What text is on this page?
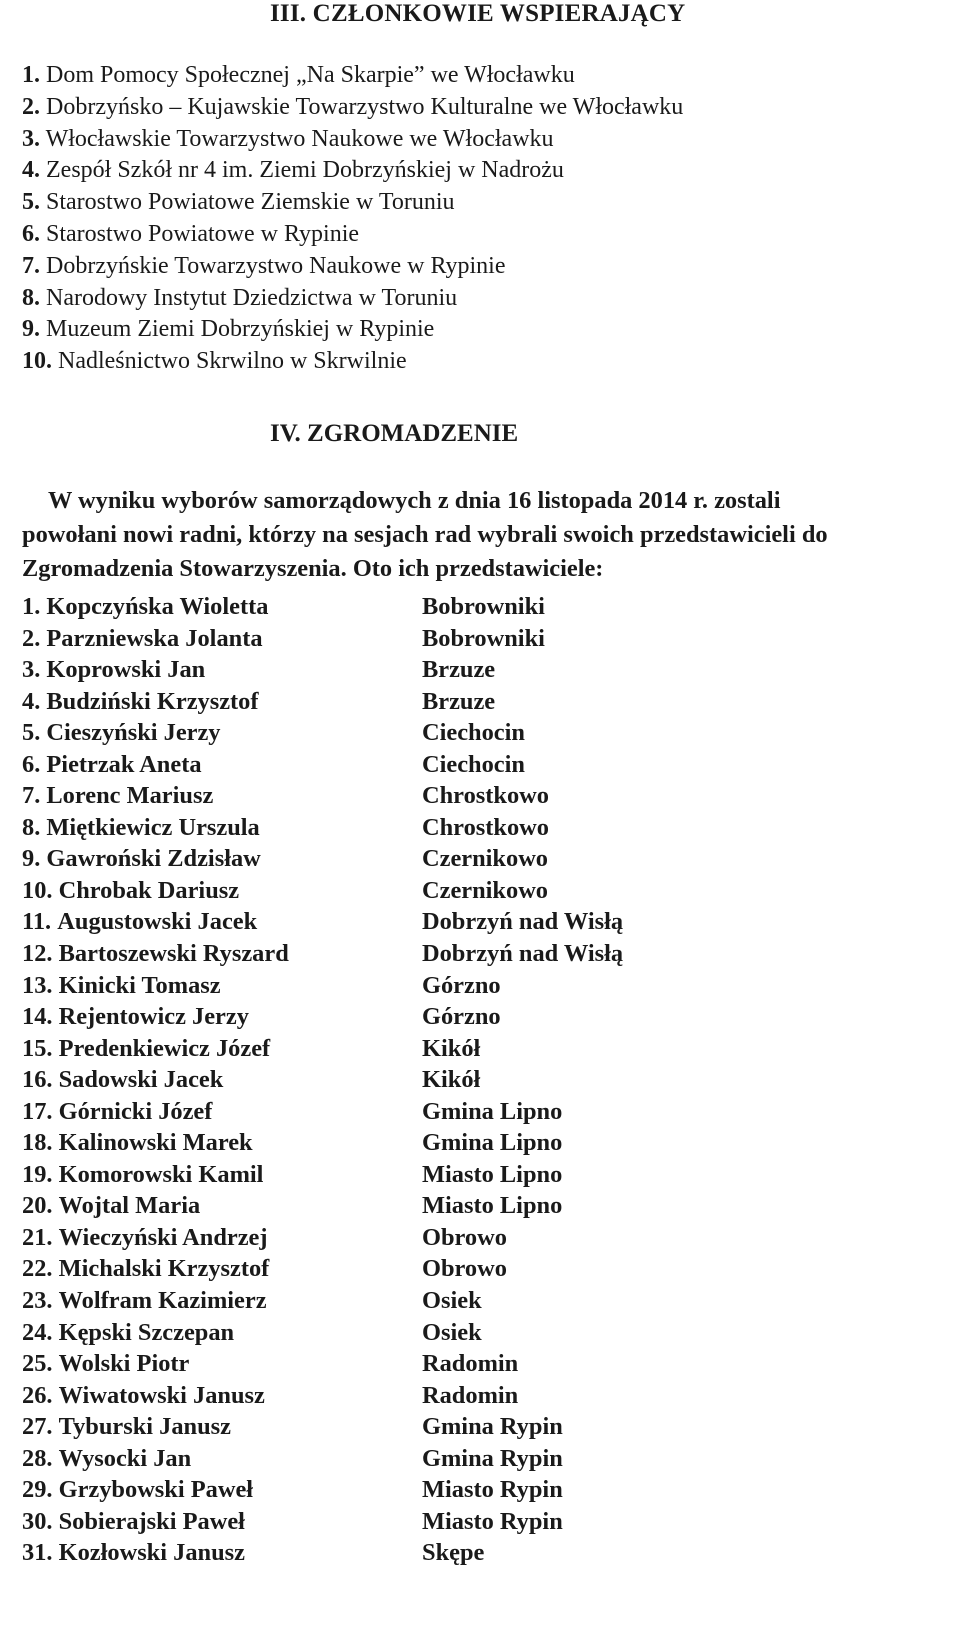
III. CZŁONKOWIE WSPIERAJĄCY
1. Dom Pomocy Społecznej „Na Skarpie” we Włocławku
2. Dobrzyńsko – Kujawskie Towarzystwo Kulturalne we Włocławku
3. Włocławskie Towarzystwo Naukowe we Włocławku
4. Zespół Szkół nr 4 im. Ziemi Dobrzyńskiej w Nadrożu
5. Starostwo Powiatowe Ziemskie w Toruniu
6. Starostwo Powiatowe w Rypinie
7. Dobrzyńskie Towarzystwo Naukowe w Rypinie
8. Narodowy Instytut Dziedzictwa w Toruniu
9. Muzeum Ziemi Dobrzyńskiej w Rypinie
10. Nadleśnictwo Skrwilno w Skrwilnie
IV. ZGROMADZENIE

W wyniku wyborów samorządowych z dnia 16 listopada 2014 r. zostali
powołani nowi radni, którzy na sesjach rad wybrali swoich przedstawicieli do
Zgromadzenia Stowarzyszenia. Oto ich przedstawiciele:

1. Kopczyńska Wioletta	Bobrowniki
2. Parzniewska Jolanta	Bobrowniki
3. Koprowski Jan	Brzuze
4. Budziński Krzysztof	Brzuze
5. Cieszyński Jerzy	Ciechocin
6. Pietrzak Aneta	Ciechocin
7. Lorenc Mariusz	Chrostkowo
8. Miętkiewicz Urszula	Chrostkowo
9. Gawroński Zdzisław	Czernikowo
10. Chrobak Dariusz	Czernikowo
11. Augustowski Jacek	Dobrzyń nad Wisłą
12. Bartoszewski Ryszard	Dobrzyń nad Wisłą
13. Kinicki Tomasz	Górzno
14. Rejentowicz Jerzy	Górzno
15. Predenkiewicz Józef	Kikół
16. Sadowski Jacek	Kikół
17. Górnicki Józef	Gmina Lipno
18. Kalinowski Marek	Gmina Lipno
19. Komorowski Kamil	Miasto Lipno
20. Wojtal Maria	Miasto Lipno
21. Wieczyński Andrzej	Obrowo
22. Michalski Krzysztof	Obrowo
23. Wolfram Kazimierz	Osiek
24. Kępski Szczepan	Osiek
25. Wolski Piotr	Radomin
26. Wiwatowski Janusz	Radomin
27. Tyburski Janusz	Gmina Rypin
28. Wysocki Jan	Gmina Rypin
29. Grzybowski Paweł	Miasto Rypin
30. Sobierajski Paweł	Miasto Rypin
31. Kozłowski Janusz	Skępe
